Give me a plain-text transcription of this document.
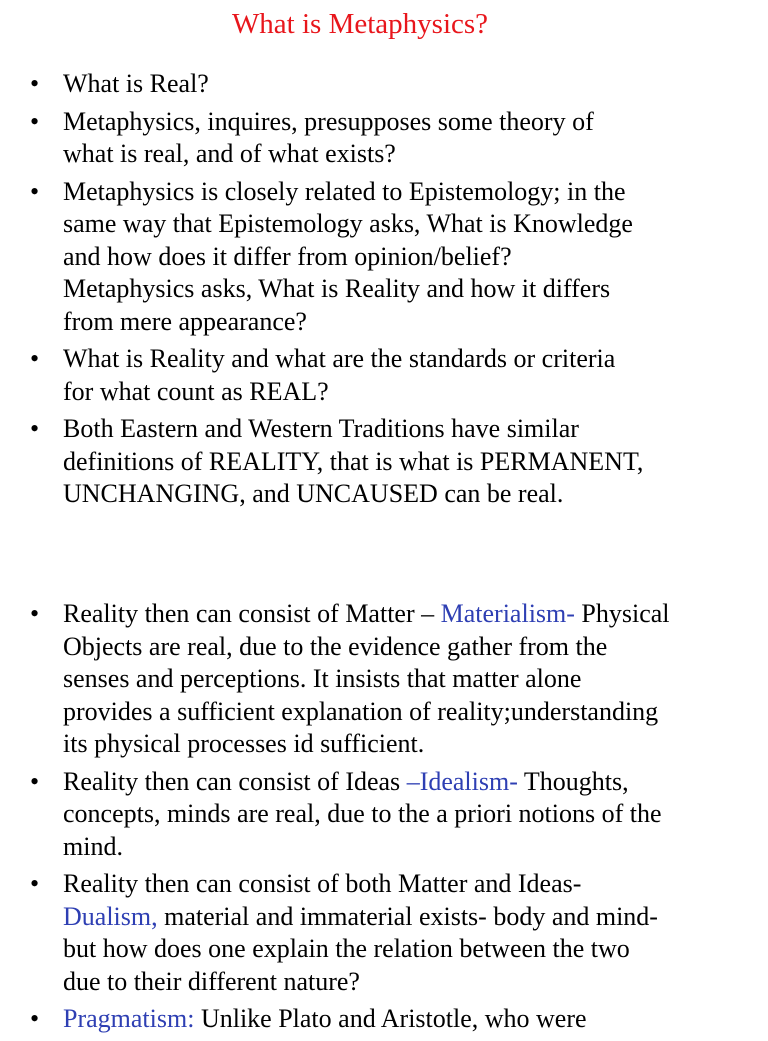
What is Metaphysics?
• What is Real?
• Metaphysics, inquires, presupposes some theory of
what is real, and of what exists?
• Metaphysics is closely related to Epistemology; in the
same way that Epistemology asks, What is Knowledge
and how does it differ from opinion/belief?
Metaphysics asks, What is Reality and how it differs
from mere appearance?
• What is Reality and what are the standards or criteria
for what count as REAL?
• Both Eastern and Western Traditions have similar
definitions of REALITY, that is what is PERMANENT,
UNCHANGING, and UNCAUSED can be real.
• Reality then can consist of Matter – Materialism- Physical
Objects are real, due to the evidence gather from the
senses and perceptions. It insists that matter alone
provides a sufficient explanation of reality;understanding
its physical processes id sufficient.
• Reality then can consist of Ideas –Idealism- Thoughts,
concepts, minds are real, due to the a priori notions of the
mind.
• Reality then can consist of both Matter and Ideas-
Dualism, material and immaterial exists- body and mind-
but how does one explain the relation between the two
due to their different nature?
• Pragmatism: Unlike Plato and Aristotle, who were
